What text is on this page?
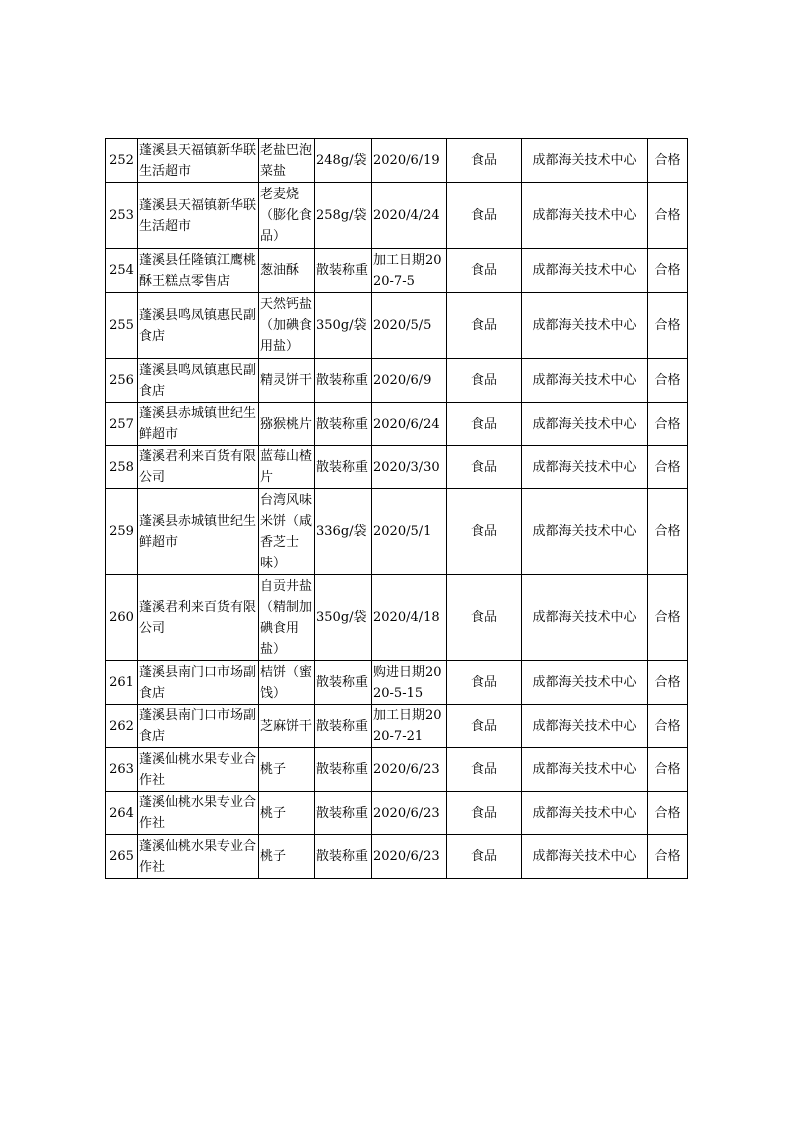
252	蓬溪县天福镇新华联生活超市	老盐巴泡菜盐	248g/袋	2020/6/19	食品	成都海关技术中心	合格
253	蓬溪县天福镇新华联生活超市	老麦烧（膨化食品）	258g/袋	2020/4/24	食品	成都海关技术中心	合格
254	蓬溪县任隆镇江鹰桃酥王糕点零售店	葱油酥	散装称重	加工日期2020-7-5	食品	成都海关技术中心	合格
255	蓬溪县鸣凤镇惠民副食店	天然钙盐（加碘食用盐）	350g/袋	2020/5/5	食品	成都海关技术中心	合格
256	蓬溪县鸣凤镇惠民副食店	精灵饼干	散装称重	2020/6/9	食品	成都海关技术中心	合格
257	蓬溪县赤城镇世纪生鲜超市	猕猴桃片	散装称重	2020/6/24	食品	成都海关技术中心	合格
258	蓬溪君利来百货有限公司	蓝莓山楂片	散装称重	2020/3/30	食品	成都海关技术中心	合格
259	蓬溪县赤城镇世纪生鲜超市	台湾风味米饼（咸香芝士味）	336g/袋	2020/5/1	食品	成都海关技术中心	合格
260	蓬溪君利来百货有限公司	自贡井盐（精制加碘食用盐）	350g/袋	2020/4/18	食品	成都海关技术中心	合格
261	蓬溪县南门口市场副食店	桔饼（蜜饯）	散装称重	购进日期2020-5-15	食品	成都海关技术中心	合格
262	蓬溪县南门口市场副食店	芝麻饼干	散装称重	加工日期2020-7-21	食品	成都海关技术中心	合格
263	蓬溪仙桃水果专业合作社	桃子	散装称重	2020/6/23	食品	成都海关技术中心	合格
264	蓬溪仙桃水果专业合作社	桃子	散装称重	2020/6/23	食品	成都海关技术中心	合格
265	蓬溪仙桃水果专业合作社	桃子	散装称重	2020/6/23	食品	成都海关技术中心	合格
